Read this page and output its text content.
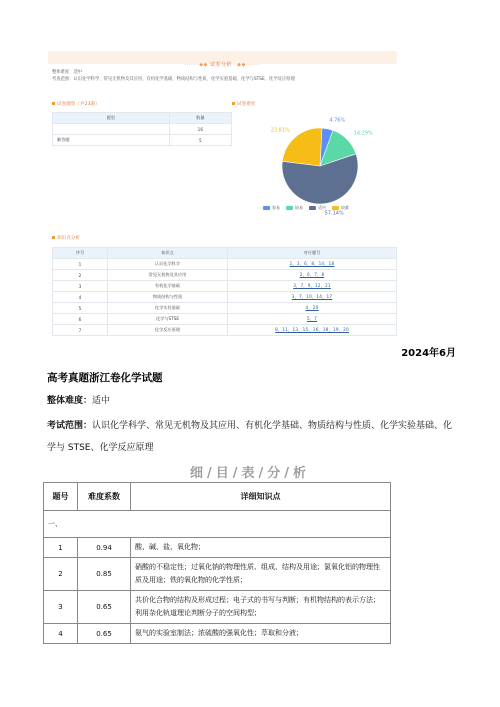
·······◆◆ 试卷分析 ◆◆·······
整体难度：适中
考查范围：认识化学科学、常见无机物及其应用、有机化学基础、物质结构与性质、化学实验基础、化学与STSE、化学反应原理
试卷题型（共23题）
题型	数量
	16
解答题	5
试卷难度
4.76%
14.29%
57.14%
23.81%
容易	较易	适中	较难
知识点分析
序号	知识点	对应题号
1	认识化学科学	1，3，6，8，14，18
2	常见无机物及其应用	2，6，7，8
3	有机化学基础	3，7，9，12，21
4	物质结构与性质	3，7，10，14，17
5	化学实验基础	4，20
6	化学与STSE	5，7
7	化学反应原理	8，11，13，15，16，18，19，20
2024年6月
高考真题浙江卷化学试题
整体难度：适中
考试范围：认识化学科学、常见无机物及其应用、有机化学基础、物质结构与性质、化学实验基础、化学与 STSE、化学反应原理
细/目/表/分/析
题号	难度系数	详细知识点
一、		
1	0.94	酸、碱、盐、氧化物；
2	0.85	硝酸的不稳定性；过氧化钠的物理性质、组成、结构及用途；氯氧化铝的物理性质及用途；铁的氧化物的化学性质；
3	0.65	共价化合物的结构及形成过程；电子式的书写与判断；有机物结构的表示方法；利用杂化轨道理论判断分子的空间构型；
4	0.65	氨气的实验室制法；浓硫酸的强氧化性；萃取和分液；
